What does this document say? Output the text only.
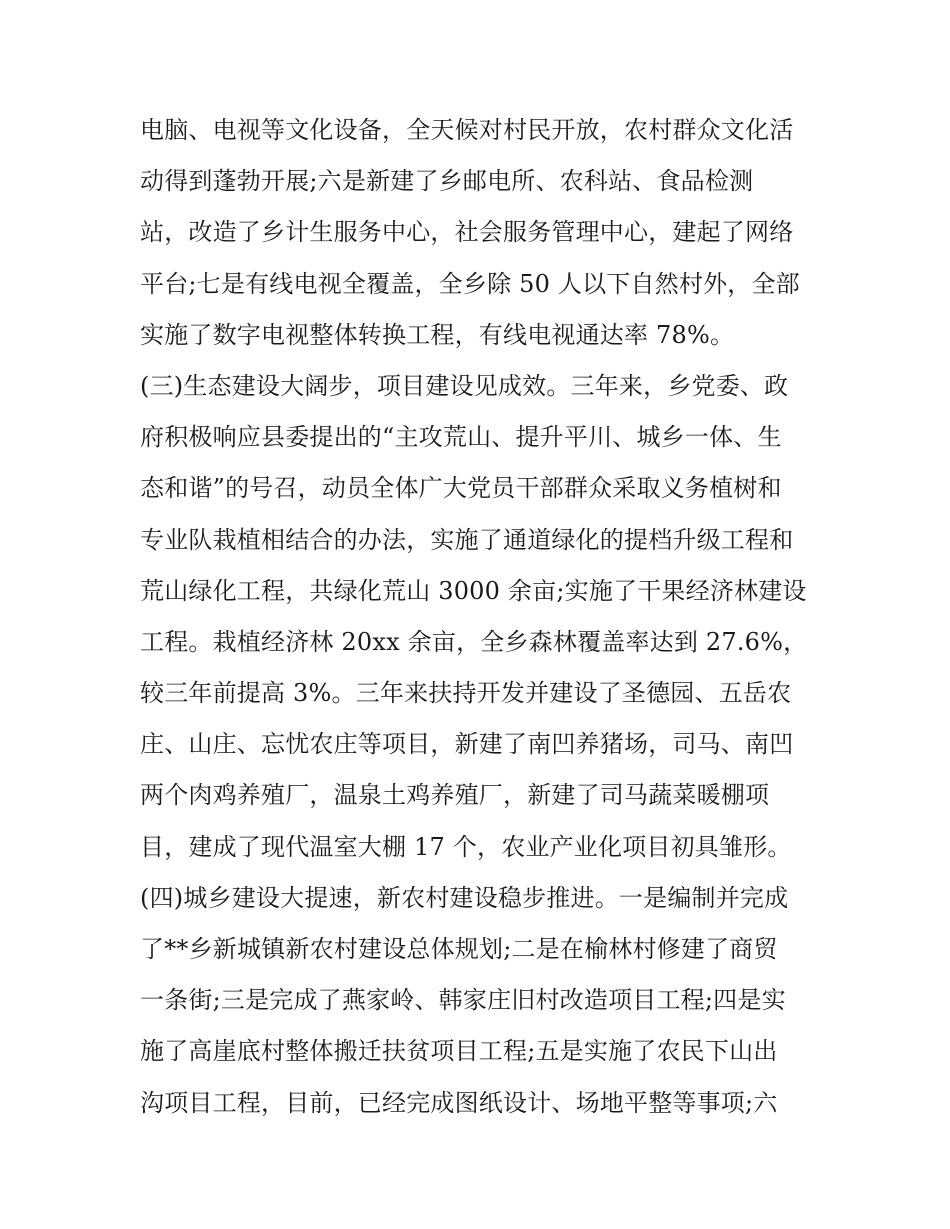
电脑、电视等文化设备，全天候对村民开放，农村群众文化活
动得到蓬勃开展;六是新建了乡邮电所、农科站、食品检测
站，改造了乡计生服务中心，社会服务管理中心，建起了网络
平台;七是有线电视全覆盖，全乡除 50 人以下自然村外，全部
实施了数字电视整体转换工程，有线电视通达率 78%。
(三)生态建设大阔步，项目建设见成效。三年来，乡党委、政
府积极响应县委提出的“主攻荒山、提升平川、城乡一体、生
态和谐”的号召，动员全体广大党员干部群众采取义务植树和
专业队栽植相结合的办法，实施了通道绿化的提档升级工程和
荒山绿化工程，共绿化荒山 3000 余亩;实施了干果经济林建设
工程。栽植经济林 20xx 余亩，全乡森林覆盖率达到 27.6%，
较三年前提高 3%。三年来扶持开发并建设了圣德园、五岳农
庄、山庄、忘忧农庄等项目，新建了南凹养猪场，司马、南凹
两个肉鸡养殖厂，温泉土鸡养殖厂，新建了司马蔬菜暖棚项
目，建成了现代温室大棚 17 个，农业产业化项目初具雏形。
(四)城乡建设大提速，新农村建设稳步推进。一是编制并完成
了**乡新城镇新农村建设总体规划;二是在榆林村修建了商贸
一条街;三是完成了燕家岭、韩家庄旧村改造项目工程;四是实
施了高崖底村整体搬迁扶贫项目工程;五是实施了农民下山出
沟项目工程，目前，已经完成图纸设计、场地平整等事项;六
